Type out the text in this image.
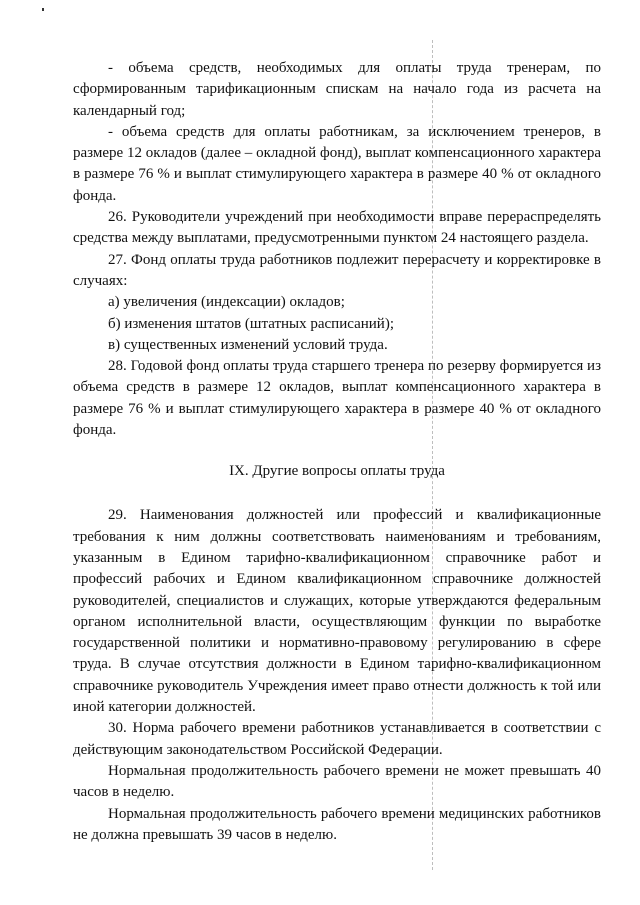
- объема средств, необходимых для оплаты труда тренерам, по сформированным тарификационным спискам на начало года из расчета на календарный год;

- объема средств для оплаты работникам, за исключением тренеров, в размере 12 окладов (далее – окладной фонд), выплат компенсационного характера в размере 76 % и выплат стимулирующего характера в размере 40 % от окладного фонда.

26. Руководители учреждений при необходимости вправе перераспределять средства между выплатами, предусмотренными пунктом 24 настоящего раздела.

27. Фонд оплаты труда работников подлежит перерасчету и корректировке в случаях:

а) увеличения (индексации) окладов;

б) изменения штатов (штатных расписаний);

в) существенных изменений условий труда.

28. Годовой фонд оплаты труда старшего тренера по резерву формируется из объема средств в размере 12 окладов, выплат компенсационного характера в размере 76 % и выплат стимулирующего характера в размере 40 % от окладного фонда.

IX. Другие вопросы оплаты труда

29. Наименования должностей или профессий и квалификационные требования к ним должны соответствовать наименованиям и требованиям, указанным в Едином тарифно-квалификационном справочнике работ и профессий рабочих и Едином квалификационном справочнике должностей руководителей, специалистов и служащих, которые утверждаются федеральным органом исполнительной власти, осуществляющим функции по выработке государственной политики и нормативно-правовому регулированию в сфере труда. В случае отсутствия должности в Едином тарифно-квалификационном справочнике руководитель Учреждения имеет право отнести должность к той или иной категории должностей.

30. Норма рабочего времени работников устанавливается в соответствии с действующим законодательством Российской Федерации.

Нормальная продолжительность рабочего времени не может превышать 40 часов в неделю.

Нормальная продолжительность рабочего времени медицинских работников не должна превышать 39 часов в неделю.
